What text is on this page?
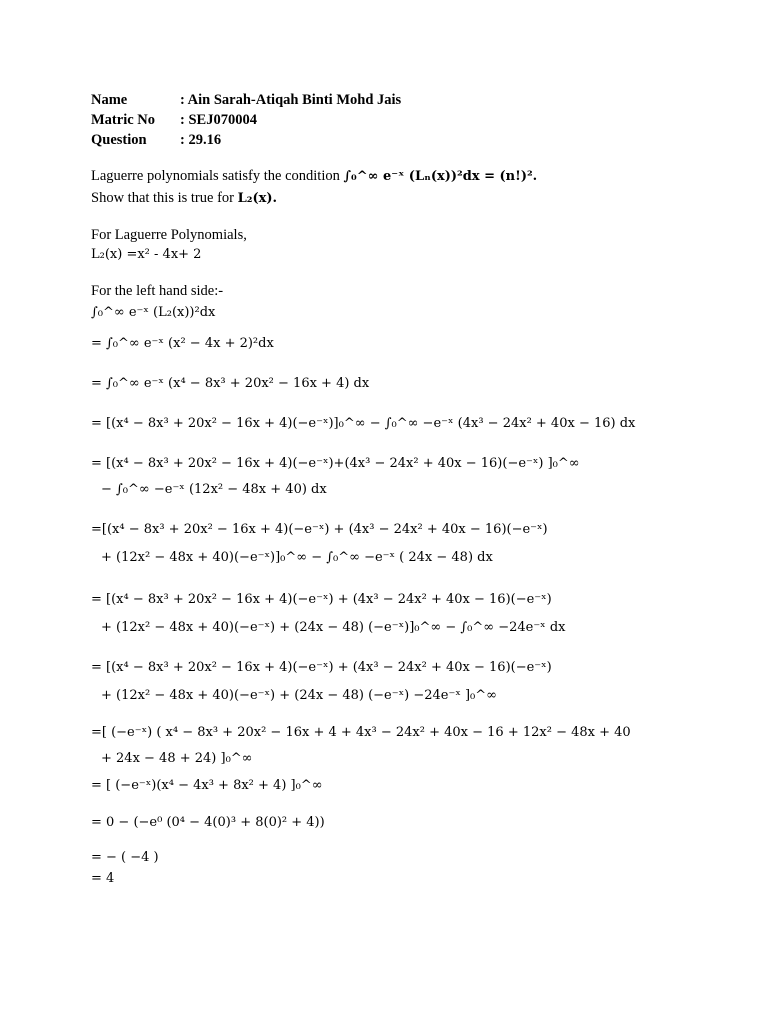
Name	: Ain Sarah-Atiqah Binti Mohd Jais
Matric No	: SEJ070004
Question	: 29.16
Laguerre polynomials satisfy the condition ∫₀^∞ e⁻ˣ (Lₙ(x))²dx = (n!)².
Show that this is true for L₂(x).
For Laguerre Polynomials,
L₂(x) =x² - 4x+ 2
For the left hand side:-
∫₀^∞ e⁻ˣ (L₂(x))²dx
= ∫₀^∞ e⁻ˣ (x² − 4x + 2)²dx
= ∫₀^∞ e⁻ˣ (x⁴ − 8x³ + 20x² − 16x + 4) dx
= [(x⁴ − 8x³ + 20x² − 16x + 4)(−e⁻ˣ)]₀^∞ − ∫₀^∞ −e⁻ˣ (4x³ − 24x² + 40x − 16) dx
= [(x⁴ − 8x³ + 20x² − 16x + 4)(−e⁻ˣ)+(4x³ − 24x² + 40x − 16)(−e⁻ˣ) ]₀^∞
− ∫₀^∞ −e⁻ˣ (12x² − 48x + 40) dx
=[(x⁴ − 8x³ + 20x² − 16x + 4)(−e⁻ˣ) + (4x³ − 24x² + 40x − 16)(−e⁻ˣ)
+ (12x² − 48x + 40)(−e⁻ˣ)]₀^∞ − ∫₀^∞ −e⁻ˣ ( 24x − 48) dx
= [(x⁴ − 8x³ + 20x² − 16x + 4)(−e⁻ˣ) + (4x³ − 24x² + 40x − 16)(−e⁻ˣ)
+ (12x² − 48x + 40)(−e⁻ˣ) + (24x − 48) (−e⁻ˣ)]₀^∞ − ∫₀^∞ −24e⁻ˣ dx
= [(x⁴ − 8x³ + 20x² − 16x + 4)(−e⁻ˣ) + (4x³ − 24x² + 40x − 16)(−e⁻ˣ)
+ (12x² − 48x + 40)(−e⁻ˣ) + (24x − 48) (−e⁻ˣ) −24e⁻ˣ ]₀^∞
=[ (−e⁻ˣ) ( x⁴ − 8x³ + 20x² − 16x + 4 + 4x³ − 24x² + 40x − 16 + 12x² − 48x + 40
+ 24x − 48 + 24) ]₀^∞
= [ (−e⁻ˣ)(x⁴ − 4x³ + 8x² + 4) ]₀^∞
= 0 − (−e⁰ (0⁴ − 4(0)³ + 8(0)² + 4))
= − ( −4 )
= 4
